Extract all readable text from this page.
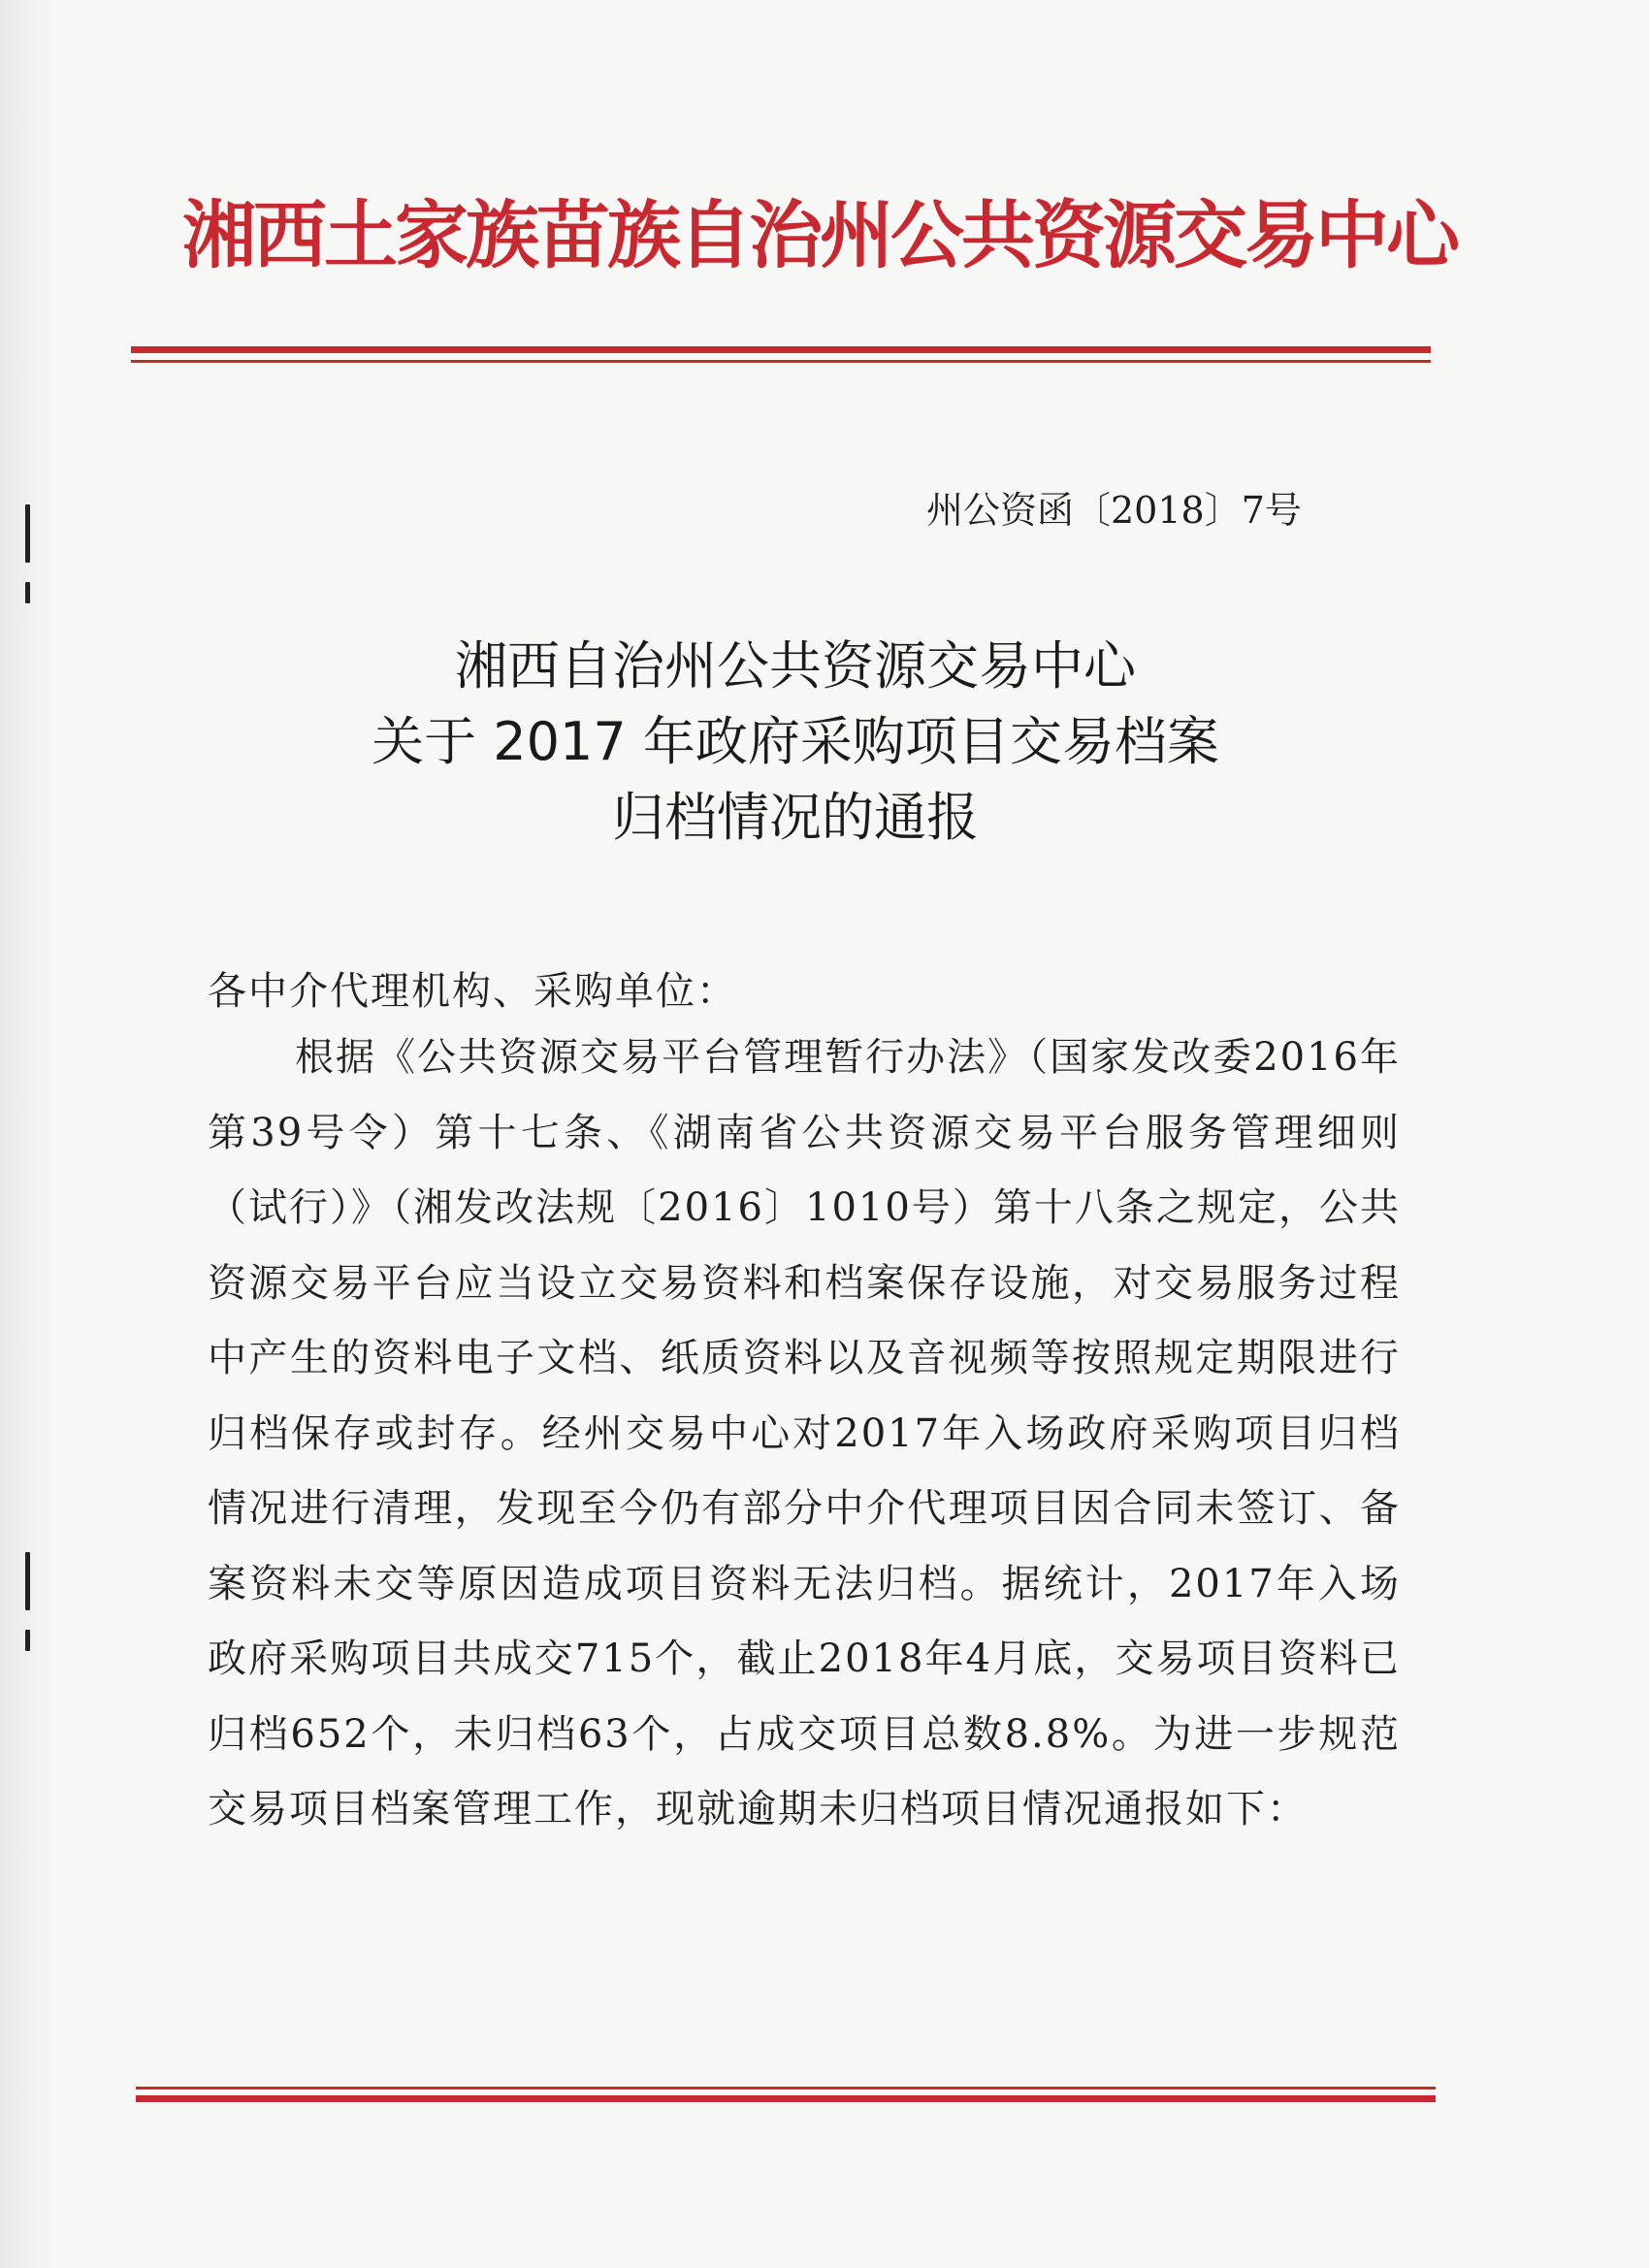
湘西土家族苗族自治州公共资源交易中心
州公资函〔2018〕7号
湘西自治州公共资源交易中心
关于 2017 年政府采购项目交易档案
归档情况的通报
各中介代理机构、采购单位：

根据《公共资源交易平台管理暂行办法》（国家发改委2016年第39号令）第十七条、《湖南省公共资源交易平台服务管理细则（试行）》（湘发改法规〔2016〕1010号）第十八条之规定，公共资源交易平台应当设立交易资料和档案保存设施，对交易服务过程中产生的资料电子文档、纸质资料以及音视频等按照规定期限进行归档保存或封存。经州交易中心对2017年入场政府采购项目归档情况进行清理，发现至今仍有部分中介代理项目因合同未签订、备案资料未交等原因造成项目资料无法归档。据统计，2017年入场政府采购项目共成交715个，截止2018年4月底，交易项目资料已归档652个，未归档63个，占成交项目总数8.8%。为进一步规范交易项目档案管理工作，现就逾期未归档项目情况通报如下：
